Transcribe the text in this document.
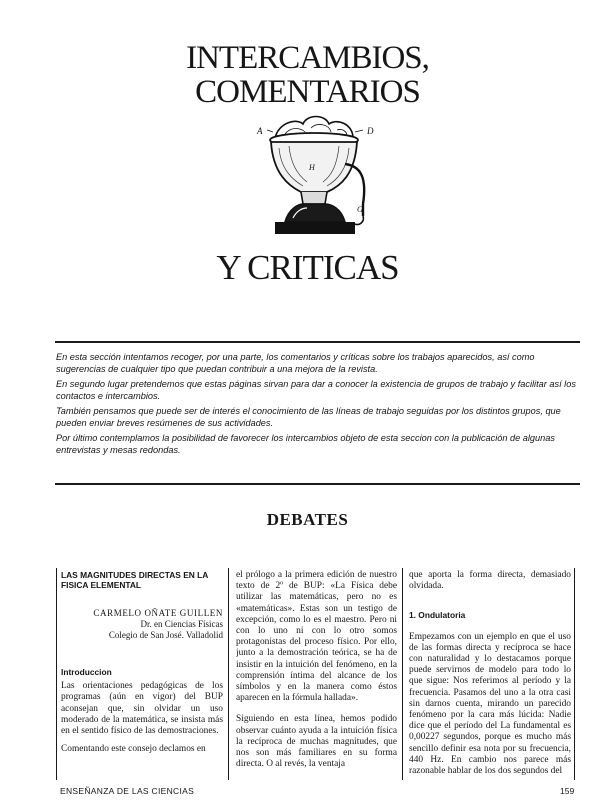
INTERCAMBIOS,
COMENTARIOS
A	D
H
G
Y CRITICAS

En esta sección intentamos recoger, por una parte, los comentarios y críticas sobre los trabajos aparecidos, así como sugerencias de cualquier tipo que puedan contribuir a una mejora de la revista.

En segundo lugar pretendemos que estas páginas sirvan para dar a conocer la existencia de grupos de trabajo y facilitar así los contactos e intercambios.

También pensamos que puede ser de interés el conocimiento de las líneas de trabajo seguidas por los distintos grupos, que pueden enviar breves resúmenes de sus actividades.

Por último contemplamos la posibilidad de favorecer los intercambios objeto de esta seccion con la publicación de algunas entrevistas y mesas redondas.

DEBATES

LAS MAGNITUDES DIRECTAS EN LA FISICA ELEMENTAL

CARMELO OÑATE GUILLEN

Dr. en Ciencias Físicas

Colegio de San José. Valladolid

Introduccion

Las orientaciones pedagógicas de los programas (aún en vigor) del BUP aconsejan que, sin olvidar un uso moderado de la matemática, se insista más en el sentido físico de las demostraciones.

Comentando este consejo declamos en

el prólogo a la primera edición de nuestro texto de 2º de BUP: «La Física debe utilizar las matemáticas, pero no es «matemáticas». Estas son un testigo de excepción, como lo es el maestro. Pero ni con lo uno ni con lo otro somos protagonistas del proceso físico. Por ello, junto a la demostración teórica, se ha de insistir en la intuición del fenómeno, en la comprensión íntima del alcance de los símbolos y en la manera como éstos aparecen en la fórmula hallada».

Siguiendo en esta línea, hemos podido observar cuánto ayuda a la intuición física la recíproca de muchas magnitudes, que nos son más familiares en su forma directa. O al revés, la ventaja

que aporta la forma directa, demasiado olvidada.

1. Ondulatoria

Empezamos con un ejemplo en que el uso de las formas directa y recíproca se hace con naturalidad y lo destacamos porque puede servirnos de modelo para todo lo que sigue: Nos referimos al período y la frecuencia. Pasamos del uno a la otra casi sin darnos cuenta, mirando un parecido fenómeno por la cara más lúcida: Nadie dice que el período del La fundamental es 0,00227 segundos, porque es mucho más sencillo definir esa nota por su frecuencia, 440 Hz. En cambio nos parece más razonable hablar de los dos segundos del

ENSEÑANZA DE LAS CIENCIAS	159
